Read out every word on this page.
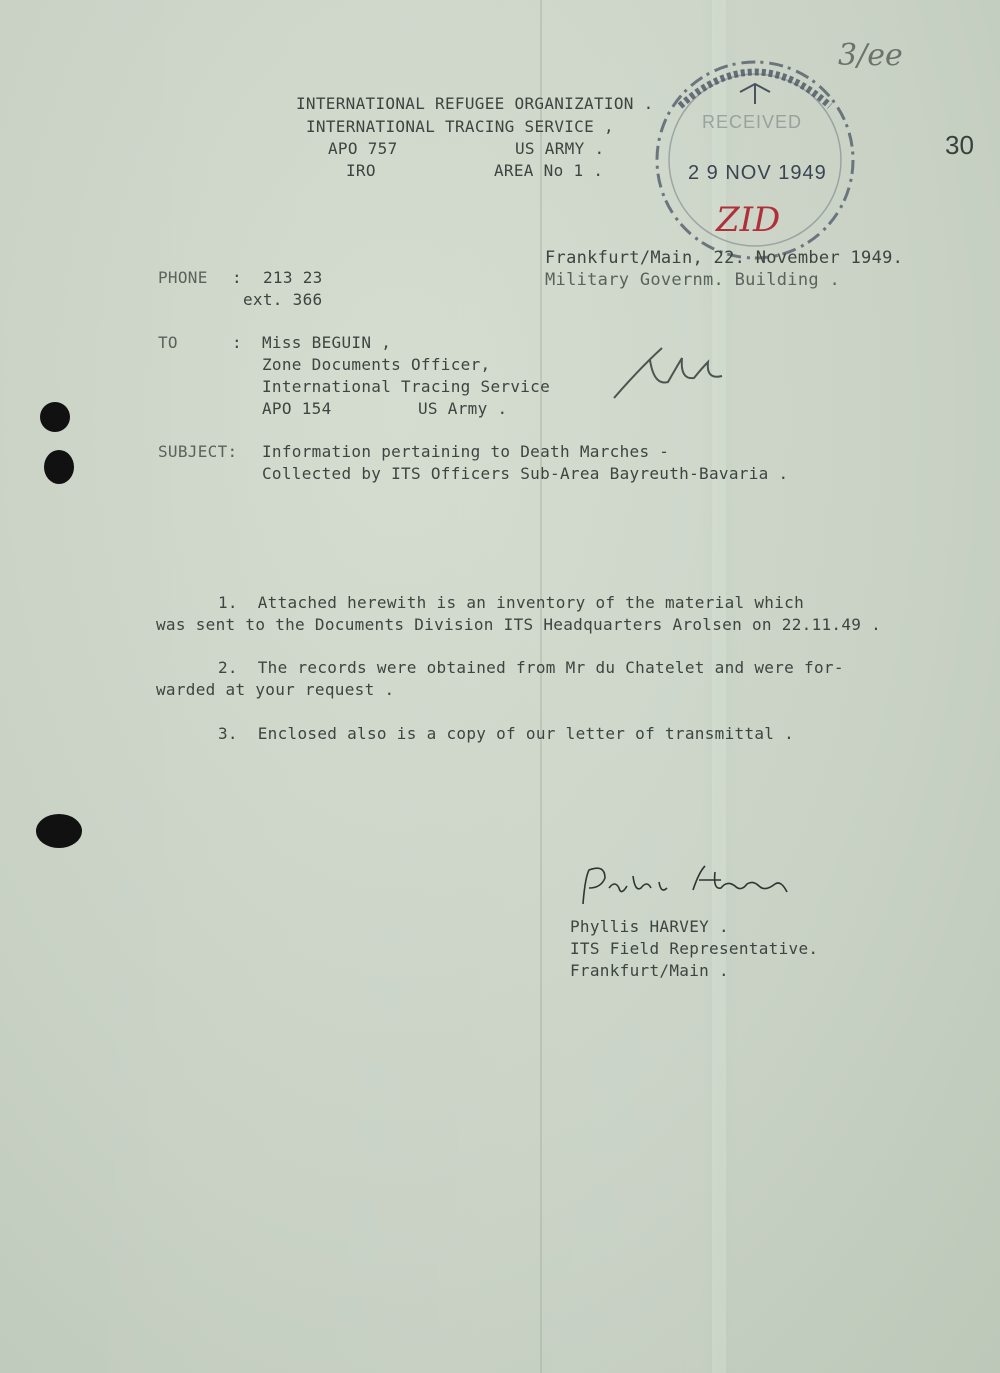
3/ee
30
INTERNATIONAL REFUGEE ORGANIZATION .
INTERNATIONAL TRACING SERVICE ,
APO 757	US ARMY .
IRO	AREA No 1 .
RECEIVED
2 9 NOV 1949
ZID
Frankfurt/Main, 22. November 1949.
Military Governm. Building .
PHONE : 213 23
ext. 366
TO	: Miss BEGUIN ,
Zone Documents Officer,
International Tracing Service
APO 154	US Army .
SUBJECT: Information pertaining to Death Marches -
Collected by ITS Officers Sub-Area Bayreuth-Bavaria .
1.  Attached herewith is an inventory of the material which
was sent to the Documents Division ITS Headquarters Arolsen on 22.11.49 .
2.  The records were obtained from Mr du Chatelet and were for-
warded at your request .
3.  Enclosed also is a copy of our letter of transmittal .
Phyllis HARVEY .
ITS Field Representative.
Frankfurt/Main .
